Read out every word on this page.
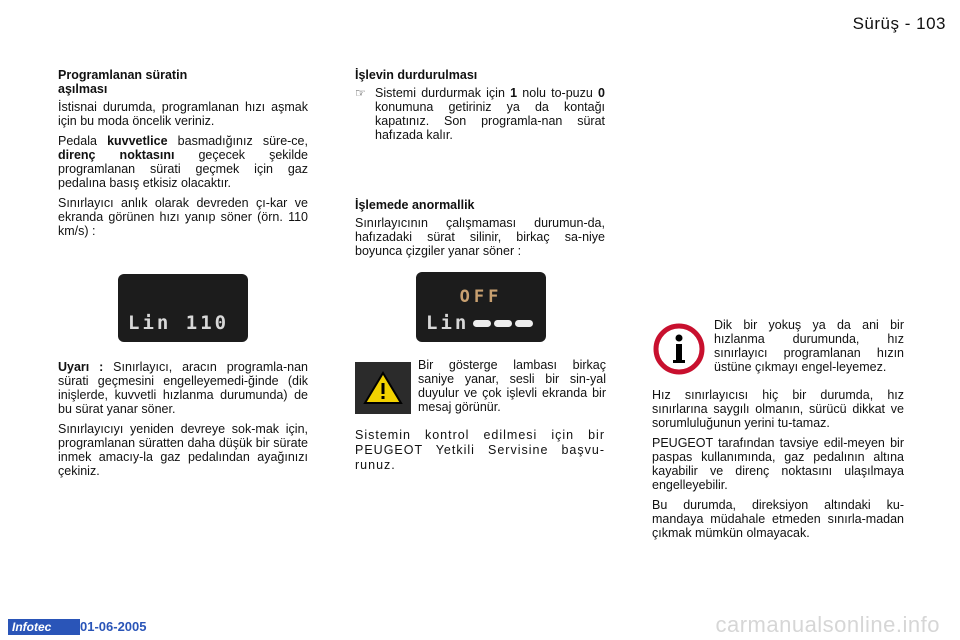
Sürüş - 103
Programlanan süratin
aşılması

İstisnai durumda, programlanan hızı aşmak için bu moda öncelik veriniz.

Pedala kuvvetlice basmadığınız süre-ce, direnç noktasını geçecek şekilde programlanan sürati geçmek için gaz pedalına basış etkisiz olacaktır.

Sınırlayıcı anlık olarak devreden çı-kar ve ekranda görünen hızı yanıp söner (örn. 110 km/s) :

Lin 110

Uyarı : Sınırlayıcı, aracın programla-nan sürati geçmesini engelleyemedi-ğinde (dik inişlerde, kuvvetli hızlanma durumunda) de bu sürat yanar söner.

Sınırlayıcıyı yeniden devreye sok-mak için, programlanan süratten daha düşük bir sürate inmek amacıy-la gaz pedalından ayağınızı çekiniz.

İşlevin durdurulması
☞ Sistemi durdurmak için 1 nolu to-puzu 0 konumuna getiriniz ya da kontağı kapatınız. Son programla-nan sürat hafızada kalır.

İşlemede anormallik

Sınırlayıcının çalışmaması durumun-da, hafızadaki sürat silinir, birkaç sa-niye boyunca çizgiler yanar söner :

OFF
Lin

Bir gösterge lambası birkaç saniye yanar, sesli bir sin-yal duyulur ve çok işlevli ekranda bir mesaj görünür.

Sistemin kontrol edilmesi için bir PEUGEOT Yetkili Servisine başvu-runuz.

Dik bir yokuş ya da ani bir hızlanma durumunda, hız sınırlayıcı programlanan hızın üstüne çıkmayı engel-leyemez.

Hız sınırlayıcısı hiç bir durumda, hız sınırlarına saygılı olmanın, sürücü dikkat ve sorumluluğunun yerini tu-tamaz.

PEUGEOT tarafından tavsiye edil-meyen bir paspas kullanımında, gaz pedalının altına kayabilir ve direnç noktasını ulaşılmaya engelleyebilir.

Bu durumda, direksiyon altındaki ku-mandaya müdahale etmeden sınırla-madan çıkmak mümkün olmayacak.

Infotec	01-06-2005	carmanualsonline.info
